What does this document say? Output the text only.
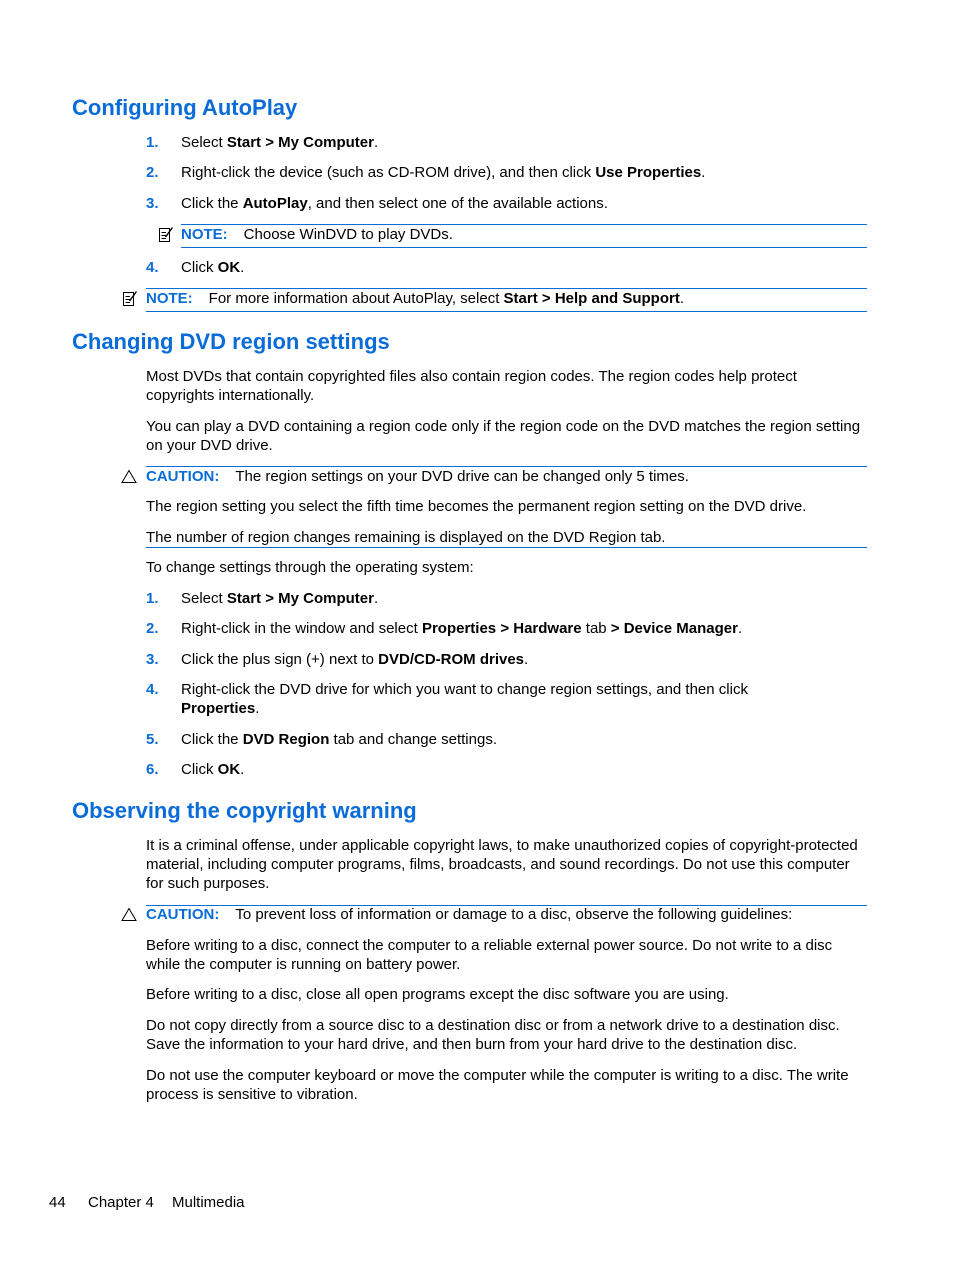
Configuring AutoPlay
1. Select Start > My Computer.
2. Right-click the device (such as CD-ROM drive), and then click Use Properties.
3. Click the AutoPlay, and then select one of the available actions.
NOTE: Choose WinDVD to play DVDs.
4. Click OK.
NOTE: For more information about AutoPlay, select Start > Help and Support.
Changing DVD region settings
Most DVDs that contain copyrighted files also contain region codes. The region codes help protect copyrights internationally.
You can play a DVD containing a region code only if the region code on the DVD matches the region setting on your DVD drive.
CAUTION: The region settings on your DVD drive can be changed only 5 times.
The region setting you select the fifth time becomes the permanent region setting on the DVD drive.
The number of region changes remaining is displayed on the DVD Region tab.
To change settings through the operating system:
1. Select Start > My Computer.
2. Right-click in the window and select Properties > Hardware tab > Device Manager.
3. Click the plus sign (+) next to DVD/CD-ROM drives.
4. Right-click the DVD drive for which you want to change region settings, and then click Properties.
5. Click the DVD Region tab and change settings.
6. Click OK.
Observing the copyright warning
It is a criminal offense, under applicable copyright laws, to make unauthorized copies of copyright-protected material, including computer programs, films, broadcasts, and sound recordings. Do not use this computer for such purposes.
CAUTION: To prevent loss of information or damage to a disc, observe the following guidelines:
Before writing to a disc, connect the computer to a reliable external power source. Do not write to a disc while the computer is running on battery power.
Before writing to a disc, close all open programs except the disc software you are using.
Do not copy directly from a source disc to a destination disc or from a network drive to a destination disc. Save the information to your hard drive, and then burn from your hard drive to the destination disc.
Do not use the computer keyboard or move the computer while the computer is writing to a disc. The write process is sensitive to vibration.
44 Chapter 4 Multimedia
